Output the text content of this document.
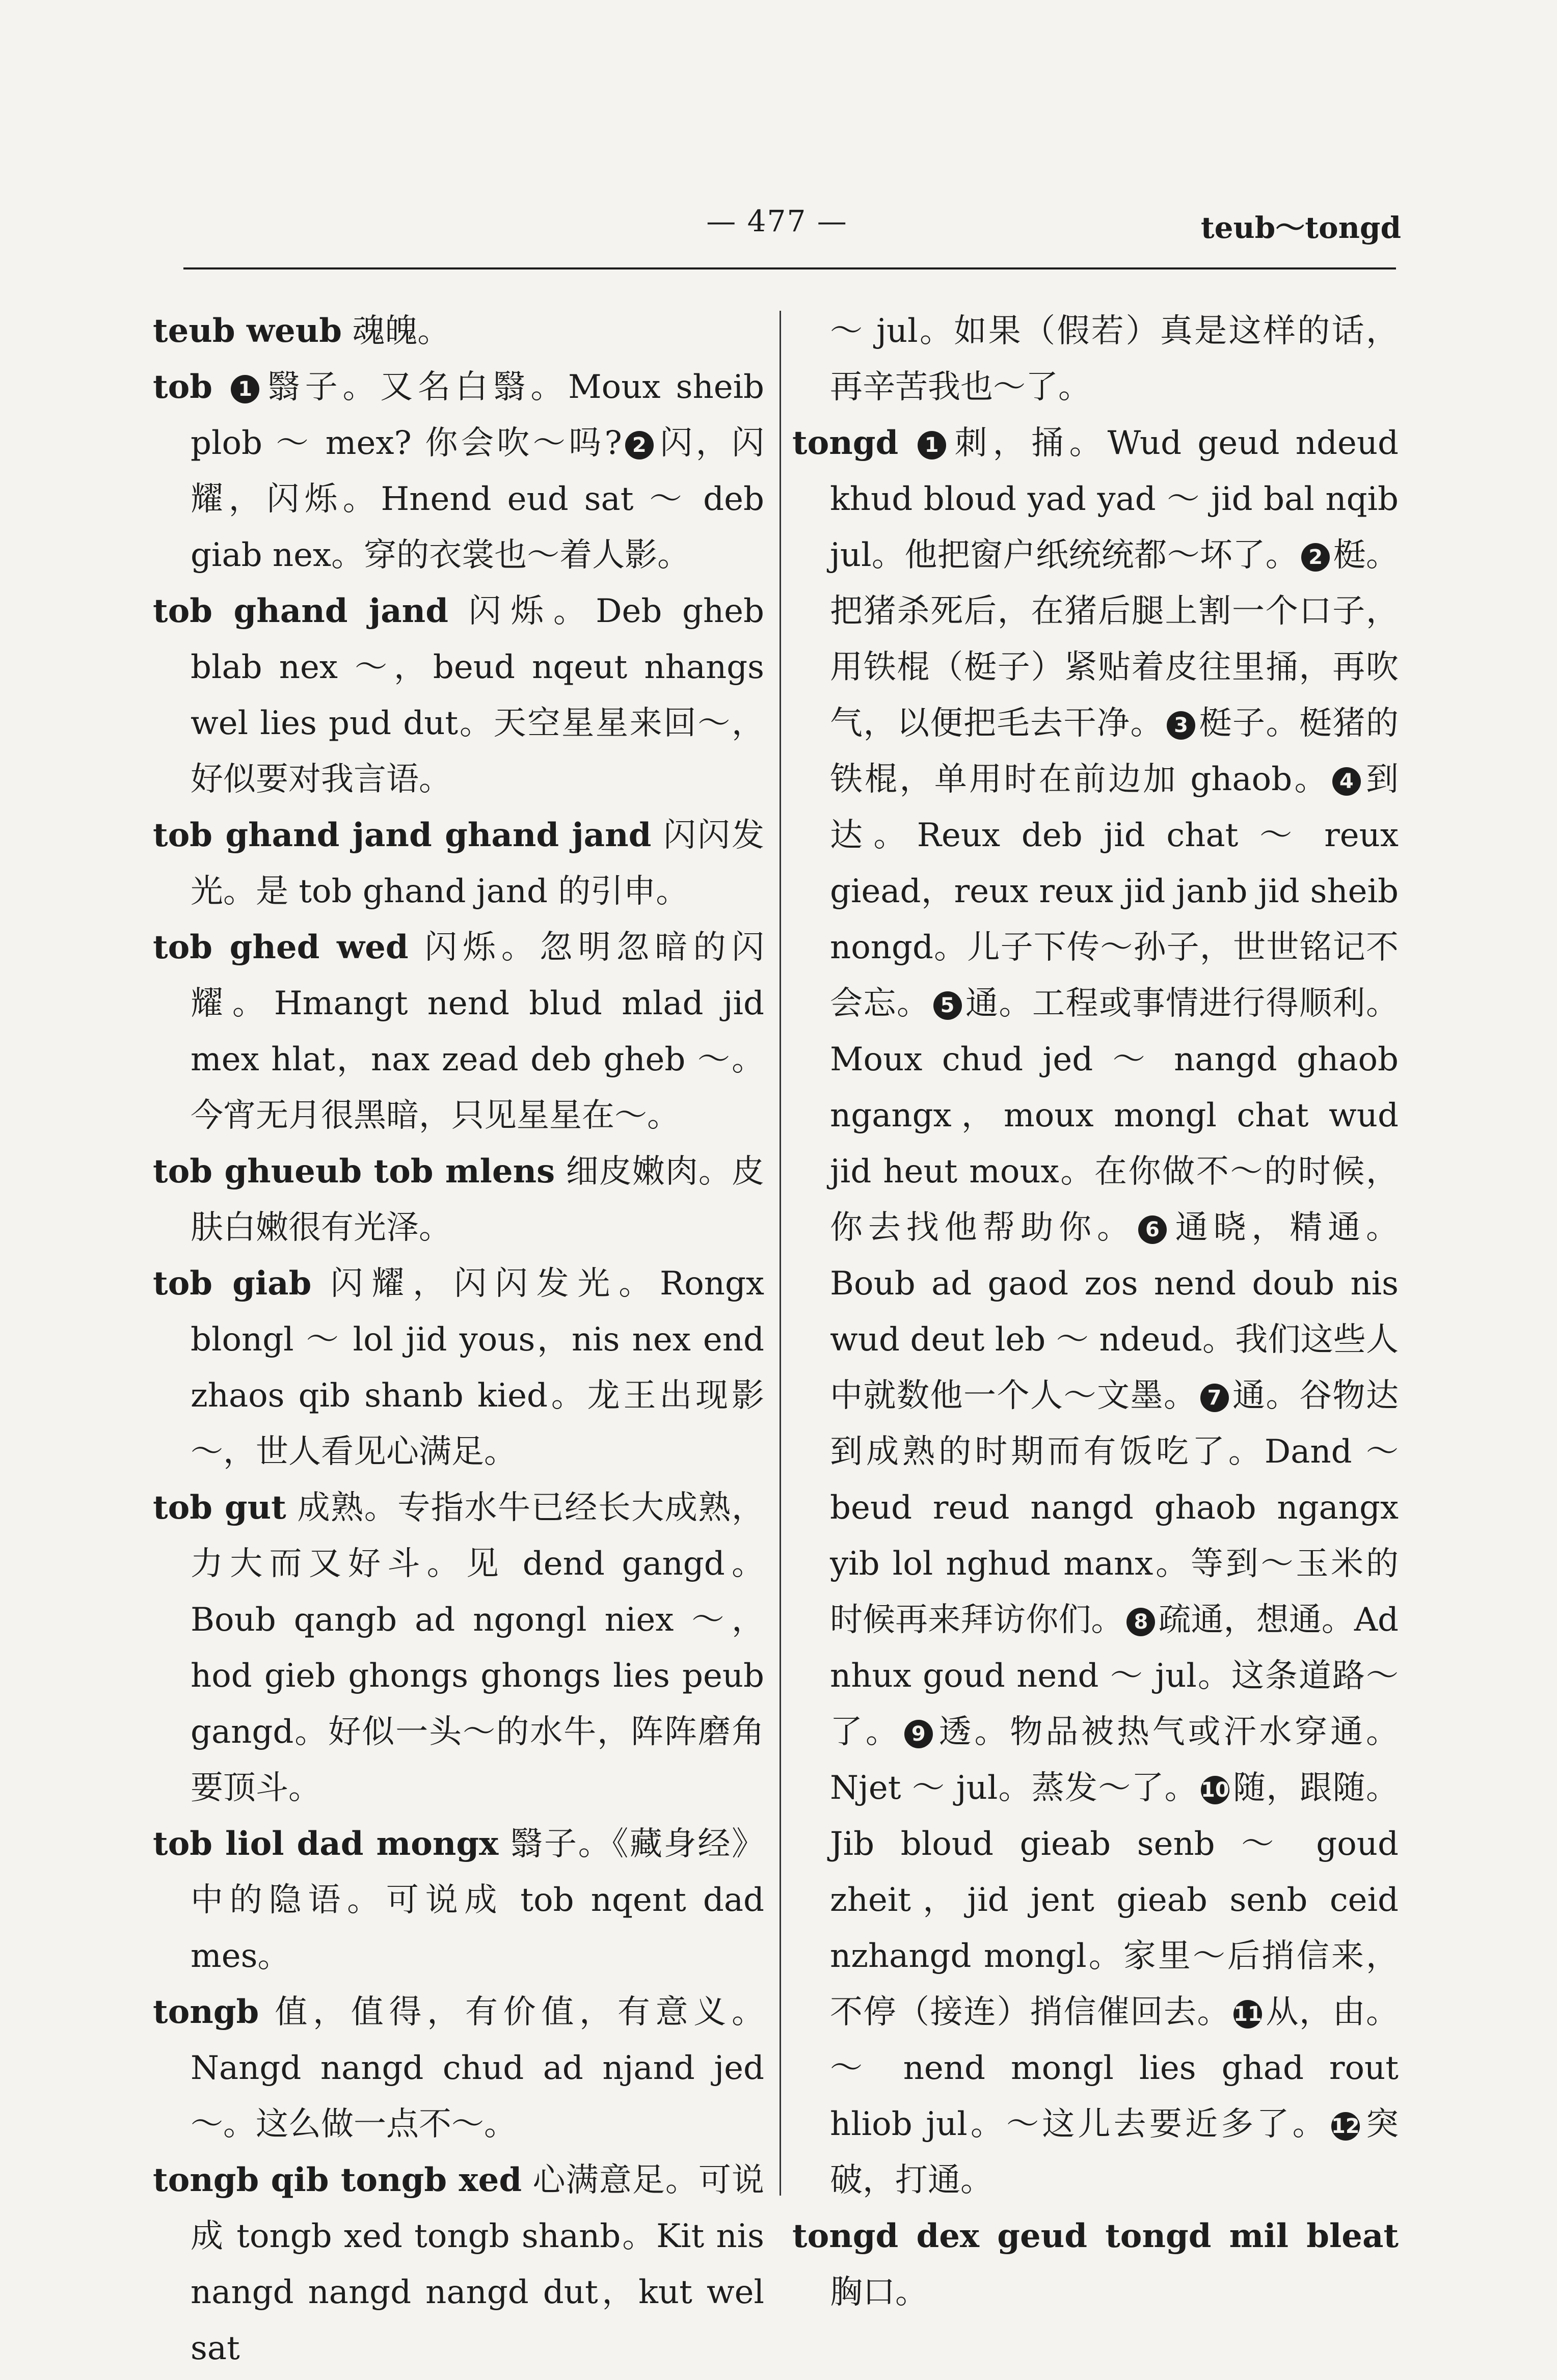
— 477 —	teub～tongd

teub weub 魂魄。

tob 1 翳子。又名白翳。Moux sheib plob ～ mex? 你会吹～吗? 2 闪，闪耀，闪烁。Hnend eud sat ～ deb giab nex。穿的衣裳也～着人影。

tob ghand jand 闪烁。Deb gheb blab nex ～，beud nqeut nhangs wel lies pud dut。天空星星来回～，好似要对我言语。

tob ghand jand ghand jand 闪闪发光。是 tob ghand jand 的引申。

tob ghed wed 闪烁。忽明忽暗的闪耀。Hmangt nend blud mlad jid mex hlat，nax zead deb gheb ～。今宵无月很黑暗，只见星星在～。

tob ghueub tob mlens 细皮嫩肉。皮肤白嫩很有光泽。

tob giab 闪耀，闪闪发光。Rongx blongl ～ lol jid yous，nis nex end zhaos qib shanb kied。龙王出现影～，世人看见心满足。

tob gut 成熟。专指水牛已经长大成熟，力大而又好斗。见 dend gangd。Boub qangb ad ngongl niex ～，hod gieb ghongs ghongs lies peub gangd。好似一头～的水牛，阵阵磨角要顶斗。

tob liol dad mongx 翳子。《藏身经》中的隐语。可说成 tob nqent dad mes。

tongb 值，值得，有价值，有意义。Nangd nangd chud ad njand jed ～。这么做一点不～。

tongb qib tongb xed 心满意足。可说成 tongb xed tongb shanb。Kit nis nangd nangd nangd dut，kut wel sat

～ jul。如果（假若）真是这样的话，再辛苦我也～了。

tongd 1 刺，捅。Wud geud ndeud khud bloud yad yad ～ jid bal nqib jul。他把窗户纸统统都～坏了。 2 梃。把猪杀死后，在猪后腿上割一个口子，用铁棍（梃子）紧贴着皮往里捅，再吹气，以便把毛去干净。 3 梃子。梃猪的铁棍，单用时在前边加 ghaob。 4 到达。Reux deb jid chat ～ reux giead，reux reux jid janb jid sheib nongd。儿子下传～孙子，世世铭记不会忘。 5 通。工程或事情进行得顺利。Moux chud jed ～ nangd ghaob ngangx，moux mongl chat wud jid heut moux。在你做不～的时候，你去找他帮助你。 6 通晓，精通。Boub ad gaod zos nend doub nis wud deut leb ～ ndeud。我们这些人中就数他一个人～文墨。 7 通。谷物达到成熟的时期而有饭吃了。Dand ～ beud reud nangd ghaob ngangx yib lol nghud manx。等到～玉米的时候再来拜访你们。 8 疏通，想通。Ad nhux goud nend ～ jul。这条道路～了。 9 透。物品被热气或汗水穿通。Njet ～ jul。蒸发～了。 10随，跟随。Jib bloud gieab senb ～ goud zheit，jid jent gieab senb ceid nzhangd mongl。家里～后捎信来，不停（接连）捎信催回去。 11从，由。～ nend mongl lies ghad rout hliob jul。～这儿去要近多了。 12突破，打通。

tongd dex geud tongd mil bleat 胸口。
